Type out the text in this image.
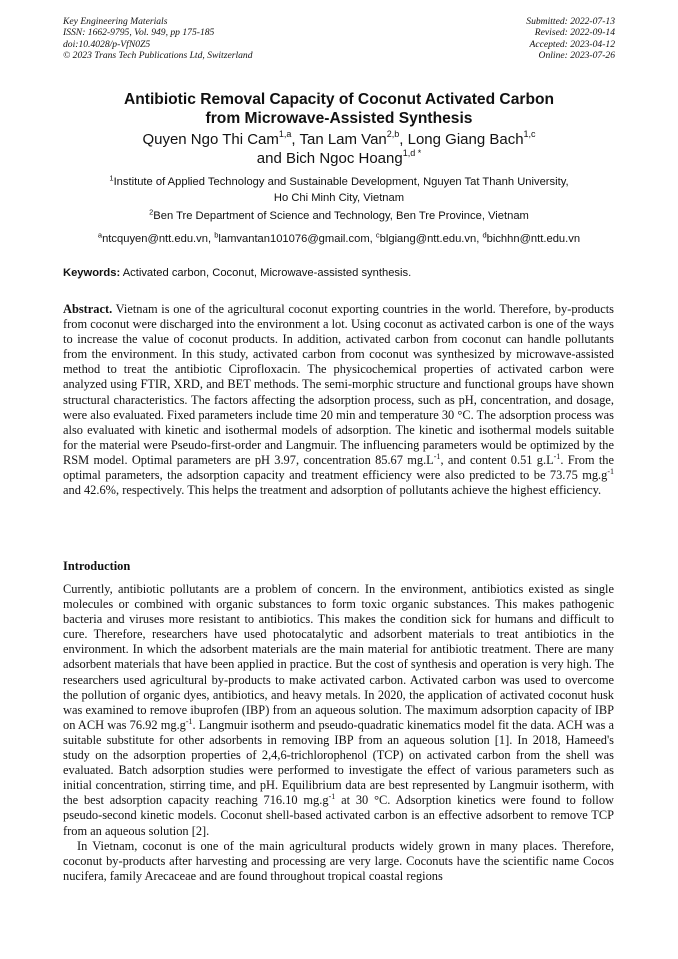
Key Engineering Materials
ISSN: 1662-9795, Vol. 949, pp 175-185
doi:10.4028/p-VfN0Z5
© 2023 Trans Tech Publications Ltd, Switzerland
Submitted: 2022-07-13
Revised: 2022-09-14
Accepted: 2023-04-12
Online: 2023-07-26
Antibiotic Removal Capacity of Coconut Activated Carbon
from Microwave-Assisted Synthesis
Quyen Ngo Thi Cam$^{1,a}$, Tan Lam Van$^{2,b}$, Long Giang Bach$^{1,c}$
and Bich Ngoc Hoang$^{1,d *}$
$^1$Institute of Applied Technology and Sustainable Development, Nguyen Tat Thanh University,
Ho Chi Minh City, Vietnam
$^2$Ben Tre Department of Science and Technology, Ben Tre Province, Vietnam
$^a$ntcquyen@ntt.edu.vn, $^b$lamvantan101076@gmail.com, $^c$blgiang@ntt.edu.vn, $^d$bichhn@ntt.edu.vn
Keywords: Activated carbon, Coconut, Microwave-assisted synthesis.
Abstract. Vietnam is one of the agricultural coconut exporting countries in the world. Therefore, by-products from coconut were discharged into the environment a lot. Using coconut as activated carbon is one of the ways to increase the value of coconut products. In addition, activated carbon from coconut can handle pollutants from the environment. In this study, activated carbon from coconut was synthesized by microwave-assisted method to treat the antibiotic Ciprofloxacin. The physicochemical properties of activated carbon were analyzed using FTIR, XRD, and BET methods. The semi-morphic structure and functional groups have shown structural characteristics. The factors affecting the adsorption process, such as pH, concentration, and dosage, were also evaluated. Fixed parameters include time 20 min and temperature 30 °C. The adsorption process was also evaluated with kinetic and isothermal models of adsorption. The kinetic and isothermal models suitable for the material were Pseudo-first-order and Langmuir. The influencing parameters would be optimized by the RSM model. Optimal parameters are pH 3.97, concentration 85.67 $mg.L^{-1}$, and content 0.51 $g.L^{-1}$. From the optimal parameters, the adsorption capacity and treatment efficiency were also predicted to be 73.75 $mg.g^{-1}$ and 42.6%, respectively. This helps the treatment and adsorption of pollutants achieve the highest efficiency.
Introduction

Currently, antibiotic pollutants are a problem of concern. In the environment, antibiotics existed as single molecules or combined with organic substances to form toxic organic substances. This makes pathogenic bacteria and viruses more resistant to antibiotics. This makes the condition sick for humans and difficult to cure. Therefore, researchers have used photocatalytic and adsorbent materials to treat antibiotics in the environment. In which the adsorbent materials are the main material for antibiotic treatment. There are many adsorbent materials that have been applied in practice. But the cost of synthesis and operation is very high. The researchers used agricultural by-products to make activated carbon. Activated carbon was used to overcome the pollution of organic dyes, antibiotics, and heavy metals. In 2020, the application of activated coconut husk was examined to remove ibuprofen (IBP) from an aqueous solution. The maximum adsorption capacity of IBP on ACH was 76.92 $mg.g^{-1}$. Langmuir isotherm and pseudo-quadratic kinematics model fit the data. ACH was a suitable substitute for other adsorbents in removing IBP from an aqueous solution [1]. In 2018, Hameed's study on the adsorption properties of 2,4,6-trichlorophenol (TCP) on activated carbon from the shell was evaluated. Batch adsorption studies were performed to investigate the effect of various parameters such as initial concentration, stirring time, and pH. Equilibrium data are best represented by Langmuir isotherm, with the best adsorption capacity reaching 716.10 $mg.g^{-1}$ at 30 °C. Adsorption kinetics were found to follow pseudo-second kinetic models. Coconut shell-based activated carbon is an effective adsorbent to remove TCP from an aqueous solution [2].

In Vietnam, coconut is one of the main agricultural products widely grown in many places. Therefore, coconut by-products after harvesting and processing are very large. Coconuts have the scientific name Cocos nucifera, family Arecaceae and are found throughout tropical coastal regions
